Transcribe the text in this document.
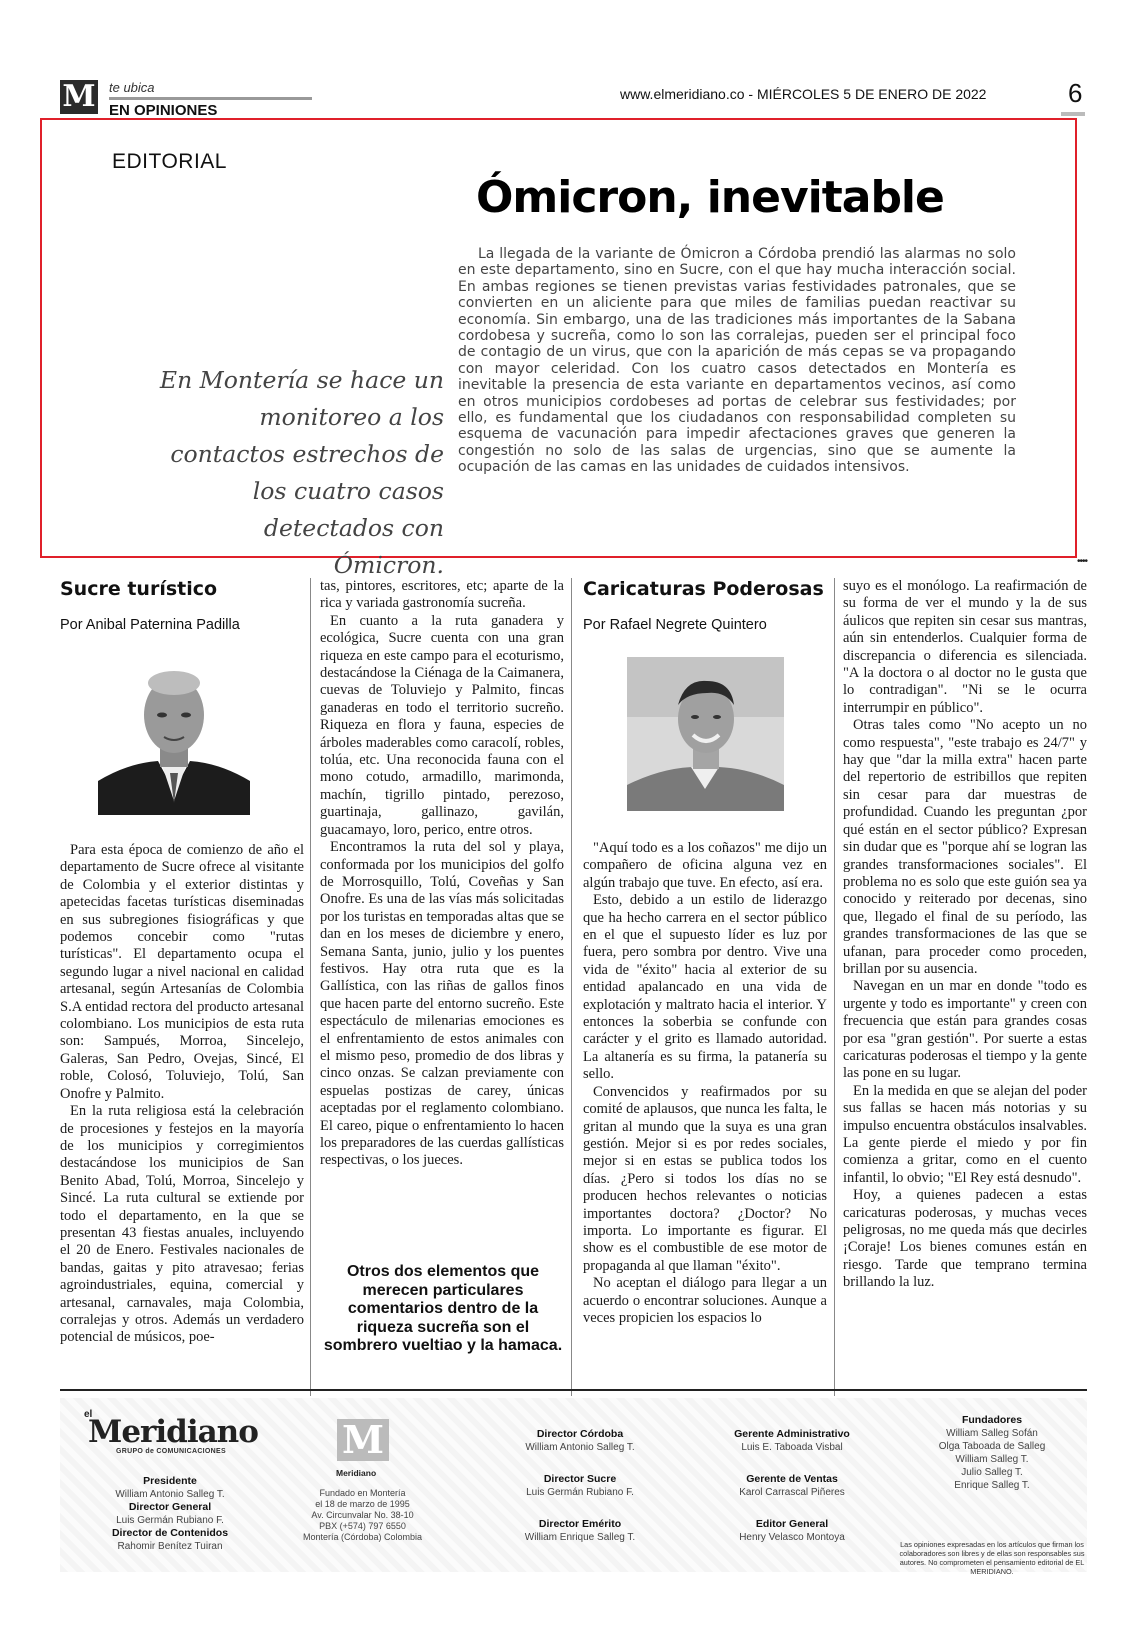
M te ubica
EN OPINIONES
www.elmeridiano.co - MIÉRCOLES 5 DE ENERO DE 2022	6
EDITORIAL
Ómicron, inevitable
En Montería se hace un monitoreo a los contactos estrechos de los cuatro casos detectados con Ómicron.
La llegada de la variante de Ómicron a Córdoba prendió las alarmas no solo en este departamento, sino en Sucre, con el que hay mucha interacción social. En ambas regiones se tienen previstas varias festividades patronales, que se convierten en un aliciente para que miles de familias puedan reactivar su economía. Sin embargo, una de las tradiciones más importantes de la Sabana cordobesa y sucreña, como lo son las corralejas, pueden ser el principal foco de contagio de un virus, que con la aparición de más cepas se va propagando con mayor celeridad. Con los cuatro casos detectados en Montería es inevitable la presencia de esta variante en departamentos vecinos, así como en otros municipios cordobeses ad portas de celebrar sus festividades; por ello, es fundamental que los ciudadanos con responsabilidad completen su esquema de vacunación para impedir afectaciones graves que generen la congestión no solo de las salas de urgencias, sino que se aumente la ocupación de las camas en las unidades de cuidados intensivos.
••••
Sucre turístico
Por Anibal Paternina Padilla

Para esta época de comienzo de año el departamento de Sucre ofrece al visitante de Colombia y el exterior distintas y apetecidas facetas turísticas diseminadas en sus subregiones fisiográficas y que podemos concebir como "rutas turísticas". El departamento ocupa el segundo lugar a nivel nacional en calidad artesanal, según Artesanías de Colombia S.A entidad rectora del producto artesanal colombiano. Los municipios de esta ruta son: Sampués, Morroa, Sincelejo, Galeras, San Pedro, Ovejas, Sincé, El roble, Colosó, Toluviejo, Tolú, San Onofre y Palmito.

En la ruta religiosa está la celebración de procesiones y festejos en la mayoría de los municipios y corregimientos destacándose los municipios de San Benito Abad, Tolú, Morroa, Sincelejo y Sincé. La ruta cultural se extiende por todo el departamento, en la que se presentan 43 fiestas anuales, incluyendo el 20 de Enero. Festivales nacionales de bandas, gaitas y pito atravesao; ferias agroindustriales, equina, comercial y artesanal, carnavales, maja Colombia, corralejas y otros. Además un verdadero potencial de músicos, poe-

tas, pintores, escritores, etc; aparte de la rica y variada gastronomía sucreña.

En cuanto a la ruta ganadera y ecológica, Sucre cuenta con una gran riqueza en este campo para el ecoturismo, destacándose la Ciénaga de la Caimanera, cuevas de Toluviejo y Palmito, fincas ganaderas en todo el territorio sucreño. Riqueza en flora y fauna, especies de árboles maderables como caracolí, robles, tolúa, etc. Una reconocida fauna con el mono cotudo, armadillo, marimonda, machín, tigrillo pintado, perezoso, guartinaja, gallinazo, gavilán, guacamayo, loro, perico, entre otros.

Encontramos la ruta del sol y playa, conformada por los municipios del golfo de Morrosquillo, Tolú, Coveñas y San Onofre. Es una de las vías más solicitadas por los turistas en temporadas altas que se dan en los meses de diciembre y enero, Semana Santa, junio, julio y los puentes festivos. Hay otra ruta que es la Gallística, con las riñas de gallos finos que hacen parte del entorno sucreño. Este espectáculo de milenarias emociones es el enfrentamiento de estos animales con el mismo peso, promedio de dos libras y cinco onzas. Se calzan previamente con espuelas postizas de carey, únicas aceptadas por el reglamento colombiano. El careo, pique o enfrentamiento lo hacen los preparadores de las cuerdas gallísticas respectivas, o los jueces.

Otros dos elementos que merecen particulares comentarios dentro de la riqueza sucreña son el sombrero vueltiao y la hamaca.
Caricaturas Poderosas
Por Rafael Negrete Quintero

"Aquí todo es a los coñazos" me dijo un compañero de oficina alguna vez en algún trabajo que tuve. En efecto, así era.

Esto, debido a un estilo de liderazgo que ha hecho carrera en el sector público en el que el supuesto líder es luz por fuera, pero sombra por dentro. Vive una vida de "éxito" hacia al exterior de su entidad apalancado en una vida de explotación y maltrato hacia el interior. Y entonces la soberbia se confunde con carácter y el grito es llamado autoridad. La altanería es su firma, la patanería su sello.

Convencidos y reafirmados por su comité de aplausos, que nunca les falta, le gritan al mundo que la suya es una gran gestión. Mejor si es por redes sociales, mejor si en estas se publica todos los días. ¿Pero si todos los días no se producen hechos relevantes o noticias importantes doctora? ¿Doctor? No importa. Lo importante es figurar. El show es el combustible de ese motor de propaganda al que llaman "éxito".

No aceptan el diálogo para llegar a un acuerdo o encontrar soluciones. Aunque a veces propicien los espacios lo

suyo es el monólogo. La reafirmación de su forma de ver el mundo y la de sus áulicos que repiten sin cesar sus mantras, aún sin entenderlos. Cualquier forma de discrepancia o diferencia es silenciada. "A la doctora o al doctor no le gusta que lo contradigan". "Ni se le ocurra interrumpir en público".

Otras tales como "No acepto un no como respuesta", "este trabajo es 24/7" y hay que "dar la milla extra" hacen parte del repertorio de estribillos que repiten sin cesar para dar muestras de profundidad. Cuando les preguntan ¿por qué están en el sector público? Expresan sin dudar que es "porque ahí se logran las grandes transformaciones sociales". El problema no es solo que este guión sea ya conocido y reiterado por decenas, sino que, llegado el final de su período, las grandes transformaciones de las que se ufanan, para proceder como proceden, brillan por su ausencia.

Navegan en un mar en donde "todo es urgente y todo es importante" y creen con frecuencia que están para grandes cosas por esa "gran gestión". Por suerte a estas caricaturas poderosas el tiempo y la gente las pone en su lugar.

En la medida en que se alejan del poder sus fallas se hacen más notorias y su impulso encuentra obstáculos insalvables. La gente pierde el miedo y por fin comienza a gritar, como en el cuento infantil, lo obvio; "El Rey está desnudo".

Hoy, a quienes padecen a estas caricaturas poderosas, y muchas veces peligrosas, no me queda más que decirles ¡Coraje! Los bienes comunes están en riesgo. Tarde que temprano termina brillando la luz.

el
Meridiano
GRUPO de COMUNICACIONES
Presidente
William Antonio Salleg T.
Director General
Luis Germán Rubiano F.
Director de Contenidos
Rahomir Benítez Tuiran
M
Meridiano
Fundado en Montería
el 18 de marzo de 1995
Av. Circunvalar No. 38-10
PBX (+574) 797 6550
Montería (Córdoba) Colombia
Director Córdoba
William Antonio Salleg T.
Director Sucre
Luis Germán Rubiano F.
Director Emérito
William Enrique Salleg T.
Gerente Administrativo
Luis E. Taboada Visbal
Gerente de Ventas
Karol Carrascal Piñeres
Editor General
Henry Velasco Montoya
Fundadores
William Salleg Sofán
Olga Taboada de Salleg
William Salleg T.
Julio Salleg T.
Enrique Salleg T.
Las opiniones expresadas en los artículos que firman los colaboradores son libres y de ellas son responsables sus autores. No comprometen el pensamiento editorial de EL MERIDIANO.
